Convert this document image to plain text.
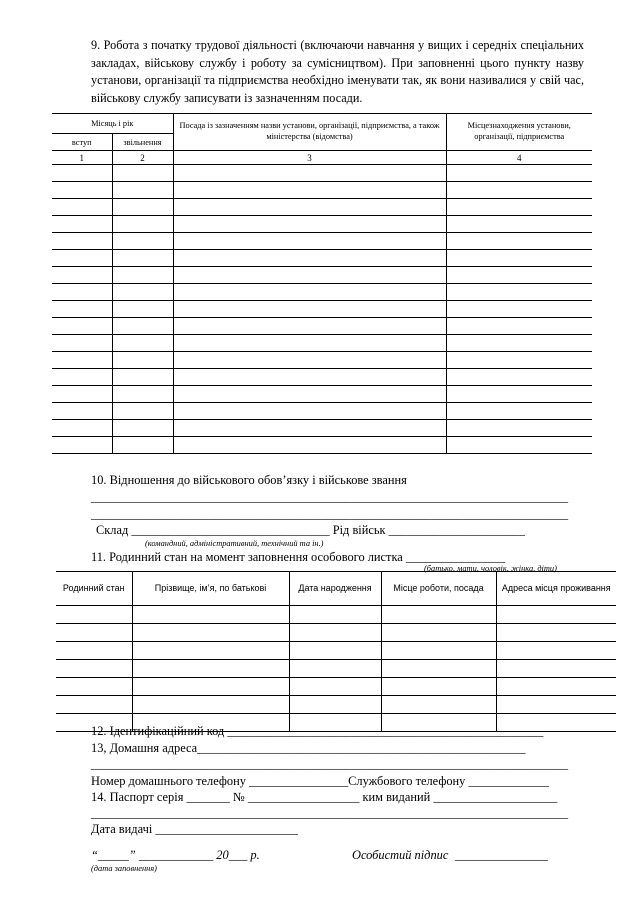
9. Робота з початку трудової діяльності (включаючи навчання у вищих і середніх спеціальних закладах, військову службу і роботу за сумісництвом). При заповненні цього пункту назву установи, організації та підприємства необхідно іменувати так, як вони називалися у свій час, військову службу записувати із зазначенням посади.
Місяць і рік		Посада із зазначенням назви установи, організації, підприємства, а також міністерства (відомства)	Місцезнаходження установи, організації, підприємства
вступ	звільнення		
1	2	3	4

10. Відношення до військового обов’язку і військове звання
_____________________________________________________________________________
_____________________________________________________________________________
Склад ________________________________ Рід військ ______________________
(командний, адміністративний, технічний та ін.)
11. Родинний стан на момент заповнення особового листка ________________
(батько, мати, чоловік, жінка, діти)
Родинний стан	Прізвище, ім’я, по батькові	Дата народження	Місце роботи, посада	Адреса місця проживання

12. Ідентифікаційний код ___________________________________________________
13, Домашня адреса_____________________________________________________
_____________________________________________________________________________
Номер домашнього телефону ________________Службового телефону _____________
14. Паспорт серія _______ № __________________ ким виданий ____________________
_____________________________________________________________________________
Дата видачі _______________________
“_____” ____________ 20___ р.
(дата заповнення)
Особистий підпис _______________
